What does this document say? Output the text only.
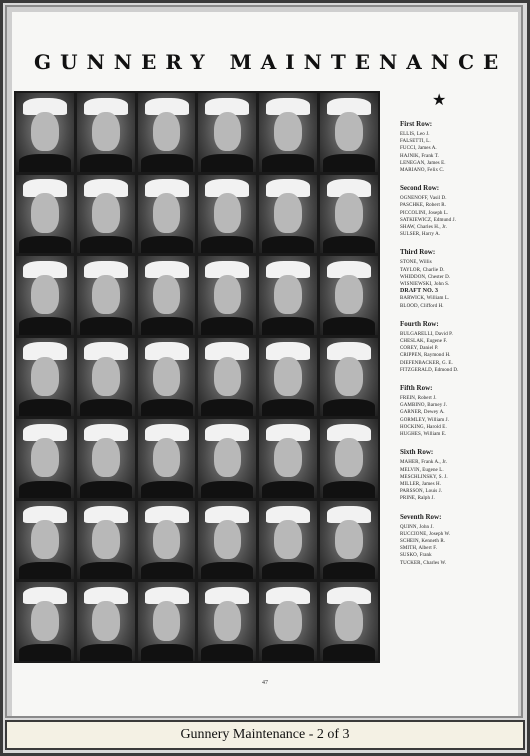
GUNNERY MAINTENANCE
★
First Row:
ELLIS, Leo J.
FALSETTI, L.
FUCCI, James A.
HAJNIK, Frank T.
LENEGAN, James E.
MARIANO, Felix C.
Second Row:
OGNENOFF, Vasil D.
PASCHKE, Robert R.
PICCOLINI, Joseph L.
SATKIEWICZ, Edmund J.
SHAW, Charles H., Jr.
SULSER, Harry A.
Third Row:
STONE, Willis
TAYLOR, Charlie D.
WHIDDON, Chester D.
WISNIEWSKI, John S.
DRAFT NO. 3
BARWICK, William L.
BLOOD, Clifford H.
Fourth Row:
BULGARELLI, David P.
CHESLAK, Eugene F.
COREY, Daniel P.
CRIPPEN, Raymond H.
DIEFENBACKER, G. E.
FITZGERALD, Edmond D.
Fifth Row:
FREIN, Robert J.
GAMBINO, Barney J.
GARNER, Dewey A.
GORMLEY, William J.
HOCKING, Harold E.
HUGHES, William E.
Sixth Row:
MAHER, Frank A., Jr.
MELVIN, Eugene L.
MESCHLINSKY, S. J.
MILLER, James H.
PARSSON, Louis J.
PRINE, Ralph J.
Seventh Row:
QUINN, John J.
RUCCIONE, Joseph W.
SCHEIN, Kenneth R.
SMITH, Albert F.
SUSKO, Frank
TUCKER, Charles W.
47
Gunnery Maintenance - 2 of 3
